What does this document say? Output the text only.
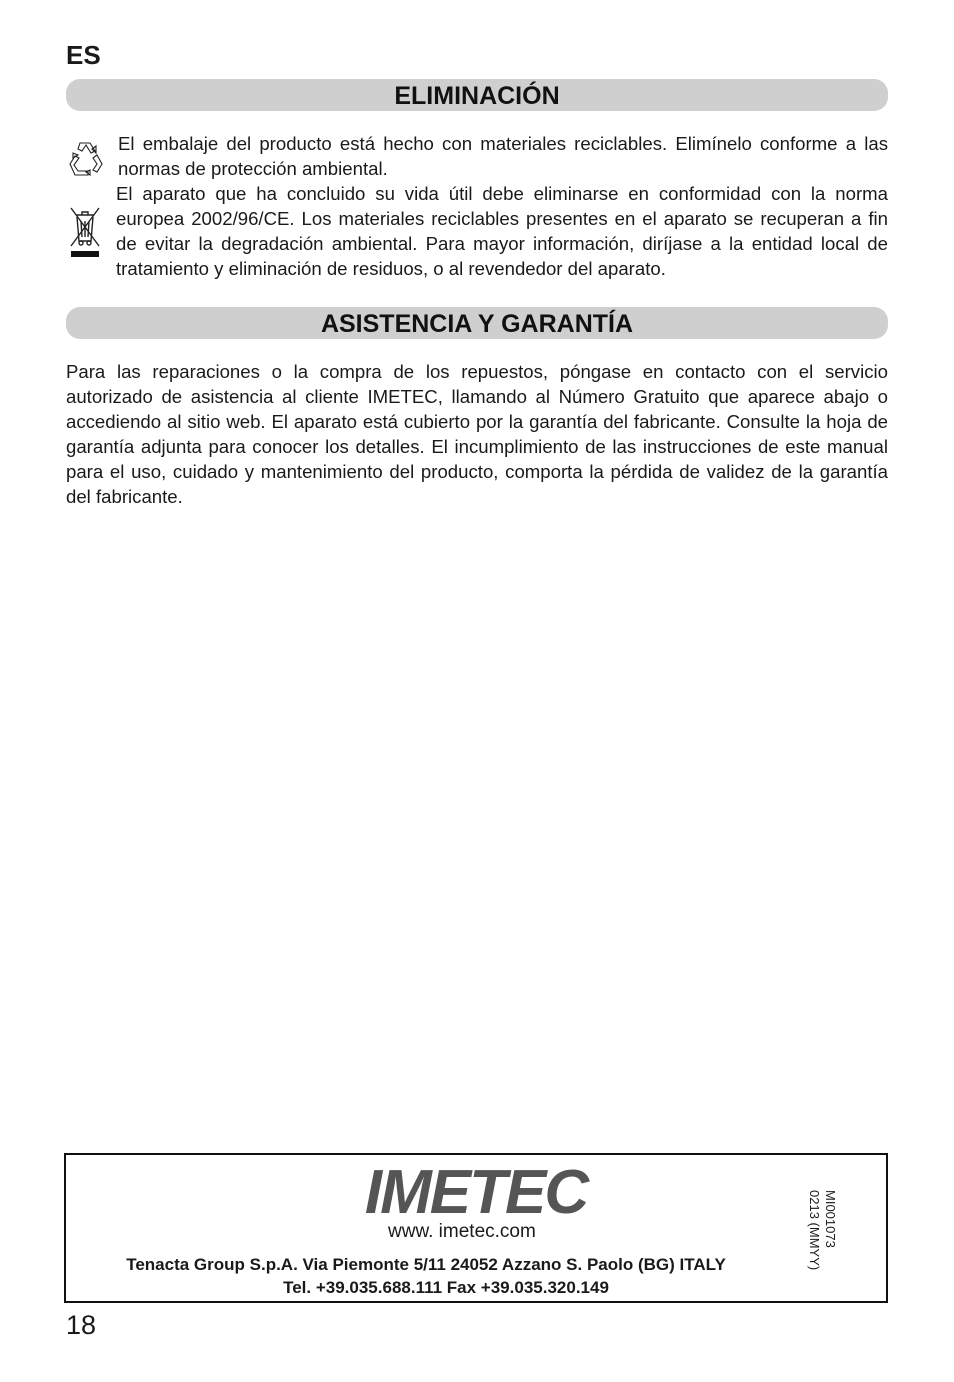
ES
ELIMINACIÓN
El embalaje del producto está hecho con materiales reciclables. Elimínelo conforme a las normas de protección ambiental.
El aparato que ha concluido su vida útil debe eliminarse en conformidad con la norma europea 2002/96/CE. Los materiales reciclables presentes en el aparato se recuperan a fin de evitar la degradación ambiental. Para mayor información, diríjase a la entidad local de tratamiento y eliminación de residuos, o al revendedor del aparato.
ASISTENCIA Y GARANTÍA
Para las reparaciones o la compra de los repuestos, póngase en contacto con el servicio autorizado de asistencia al cliente IMETEC, llamando al Número Gratuito que aparece abajo o accediendo al sitio web. El aparato está cubierto por la garantía del fabricante. Consulte la hoja de garantía adjunta para conocer los detalles. El incumplimiento de las instrucciones de este manual para el uso, cuidado y mantenimiento del producto, comporta la pérdida de validez de la garantía del fabricante.
IMETEC
www. imetec.com
Tenacta Group S.p.A. Via Piemonte 5/11 24052 Azzano S. Paolo (BG) ITALY
Tel. +39.035.688.111 Fax +39.035.320.149
MI001073
0213 (MMYY)
18
